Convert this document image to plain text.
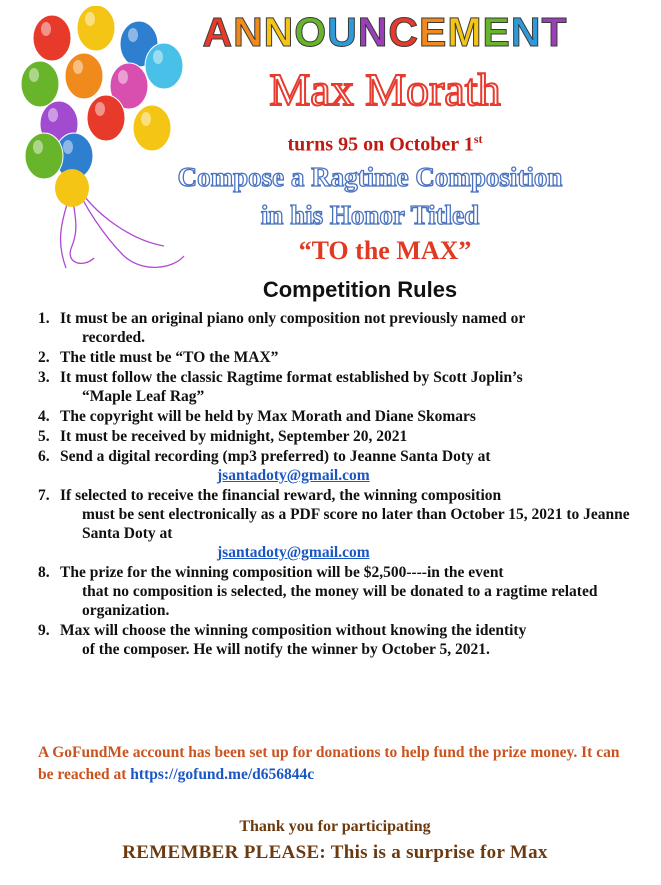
ANNOUNCEMENT
Max Morath
turns 95 on October 1st
Compose a Ragtime Composition
in his Honor Titled
“TO the MAX”
Competition Rules
1. It must be an original piano only composition not previously named or
recorded.
2. The title must be “TO the MAX”
3. It must follow the classic Ragtime format established by Scott Joplin’s
“Maple Leaf Rag”
4. The copyright will be held by Max Morath and Diane Skomars
5. It must be received by midnight, September 20, 2021
6. Send a digital recording (mp3 preferred) to Jeanne Santa Doty at
jsantadoty@gmail.com
7. If selected to receive the financial reward, the winning composition
must be sent electronically as a PDF score no later than October 15, 2021 to Jeanne Santa Doty at
jsantadoty@gmail.com
8. The prize for the winning composition will be $2,500----in the event
that no composition is selected, the money will be donated to a ragtime related organization.
9. Max will choose the winning composition without knowing the identity
of the composer. He will notify the winner by October 5, 2021.
A GoFundMe account has been set up for donations to help fund the prize money. It can be reached at https://gofund.me/d656844c
Thank you for participating
REMEMBER PLEASE: This is a surprise for Max
